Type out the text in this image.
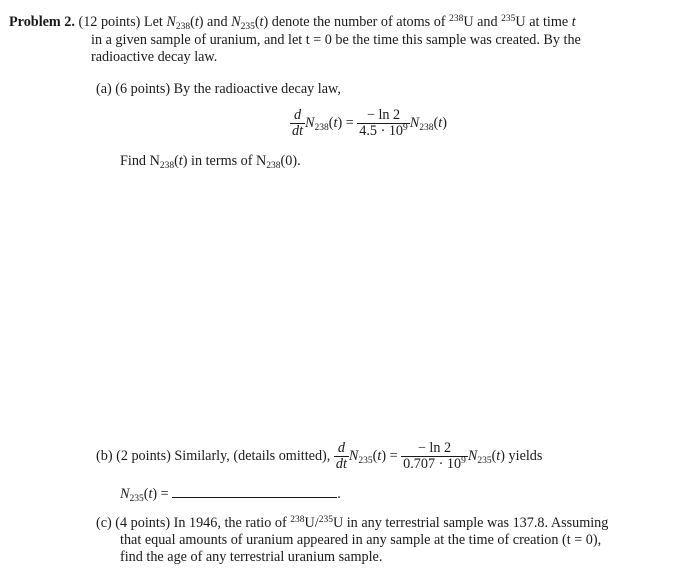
Problem 2. (12 points) Let $N_{238}(t)$ and $N_{235}(t)$ denote the number of atoms of $^{238}$U and $^{235}$U at time t
in a given sample of uranium, and let t = 0 be the time this sample was created. By the
radioactive decay law.
(a) (6 points) By the radioactive decay law,
$\frac{d}{dt} N_{238}(t) = \frac{- \ln 2}{4.5 \cdot 10^9} N_{238}(t)$
Find $N_{238}(t)$ in terms of $N_{238}(0)$.
(b) (2 points) Similarly, (details omitted), $\frac{d}{dt} N_{235}(t) = \frac{- \ln 2}{0.707 \cdot 10^9} N_{235}(t)$ yields
$N_{235}(t)$ =	.
(c) (4 points) In 1946, the ratio of $^{238}$U/$^{235}$U in any terrestrial sample was 137.8. Assuming
that equal amounts of uranium appeared in any sample at the time of creation (t = 0),
find the age of any terrestrial uranium sample.
